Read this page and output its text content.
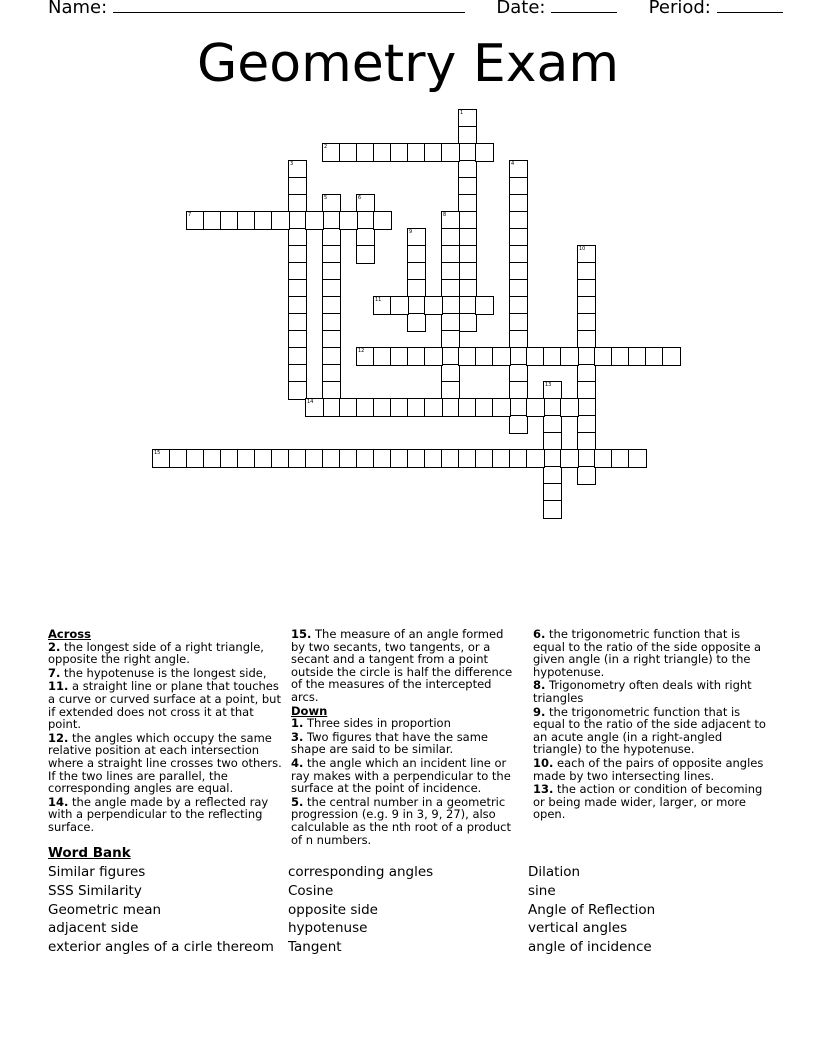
Name:	Date:	Period:
Geometry Exam
1
2
3	4
5	6
7	8
9
10
11
12
13
14
15
Across
2. the longest side of a right triangle, opposite the right angle.
7. the hypotenuse is the longest side,
11. a straight line or plane that touches a curve or curved surface at a point, but if extended does not cross it at that point.
12. the angles which occupy the same relative position at each intersection where a straight line crosses two others. If the two lines are parallel, the corresponding angles are equal.
14. the angle made by a reflected ray with a perpendicular to the reflecting surface.
15. The measure of an angle formed by two secants, two tangents, or a secant and a tangent from a point outside the circle is half the difference of the measures of the intercepted arcs.
Down
1. Three sides in proportion
3. Two figures that have the same shape are said to be similar.
4. the angle which an incident line or ray makes with a perpendicular to the surface at the point of incidence.
5. the central number in a geometric progression (e.g. 9 in 3, 9, 27), also calculable as the nth root of a product of n numbers.
6. the trigonometric function that is equal to the ratio of the side opposite a given angle (in a right triangle) to the hypotenuse.
8. Trigonometry often deals with right triangles
9. the trigonometric function that is equal to the ratio of the side adjacent to an acute angle (in a right-angled triangle) to the hypotenuse.
10. each of the pairs of opposite angles made by two intersecting lines.
13. the action or condition of becoming or being made wider, larger, or more open.
Word Bank
Similar figures
SSS Similarity
Geometric mean
adjacent side
exterior angles of a cirle thereom
corresponding angles
Cosine
opposite side
hypotenuse
Tangent
Dilation
sine
Angle of Reflection
vertical angles
angle of incidence
